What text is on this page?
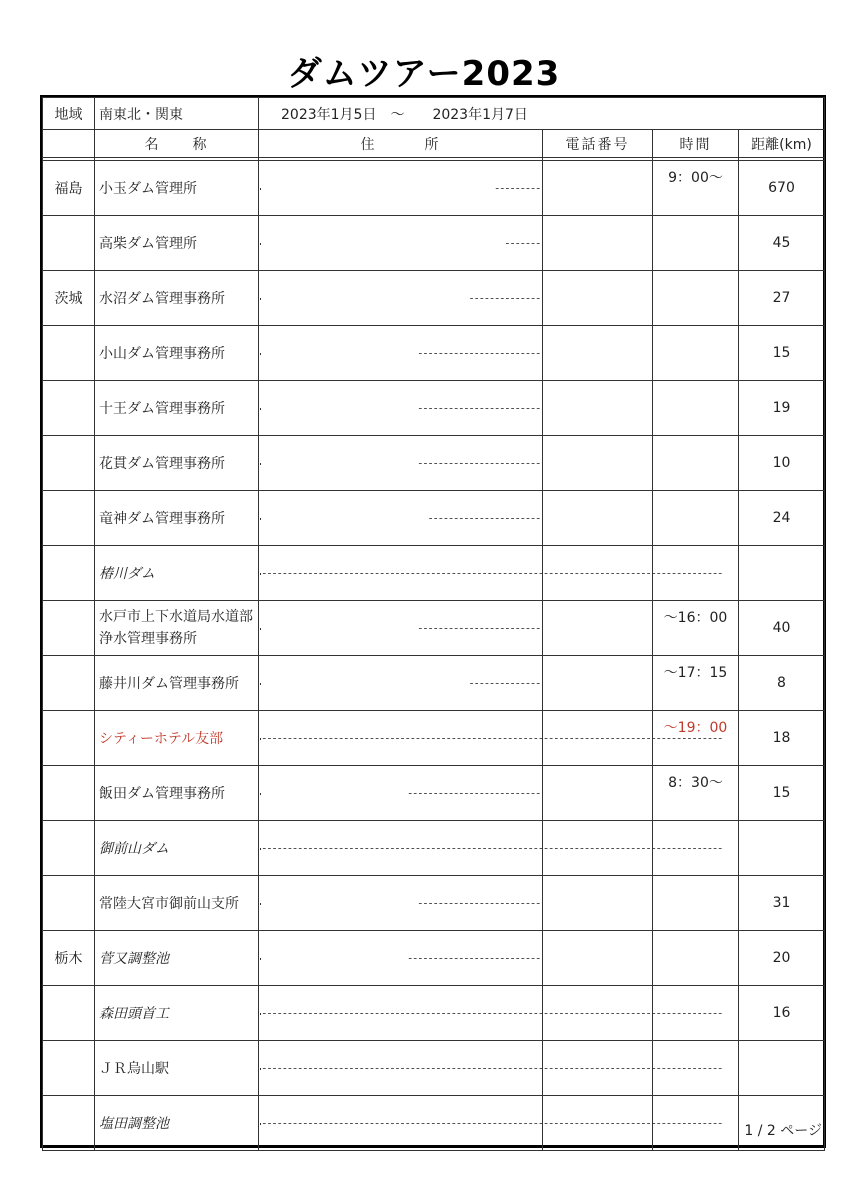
ダムツアー2023
地域	南東北・関東	2023年1月5日　～　　2023年1月7日			
	名　　称	住　　　所	電話番号	時間	距離(km)

福島	小玉ダム管理所	---------		9：00～	670
	高柴ダム管理所	-------			45
茨城	水沼ダム管理事務所	--------------			27
	小山ダム管理事務所	------------------------			15
	十王ダム管理事務所	------------------------			19
	花貫ダム管理事務所	------------------------			10
	竜神ダム管理事務所	----------------------			24
	椿川ダム	------------------------------------------------------------------------------------------			

	水戸市上下水道局水道部浄水管理事務所	------------------------		～16：00	40
	藤井川ダム管理事務所	--------------		～17：15	8
	シティーホテル友部	------------------------------------------------------------------------------------------		～19：00	18
	飯田ダム管理事務所	--------------------------		8：30～	15
	御前山ダム	------------------------------------------------------------------------------------------			

	常陸大宮市御前山支所	------------------------			31
栃木	菅又調整池	--------------------------			20
	森田頭首工	------------------------------------------------------------------------------------------			16
	ＪＲ烏山駅	------------------------------------------------------------------------------------------			

	塩田調整池	------------------------------------------------------------------------------------------			

	1 / 2 ページ
